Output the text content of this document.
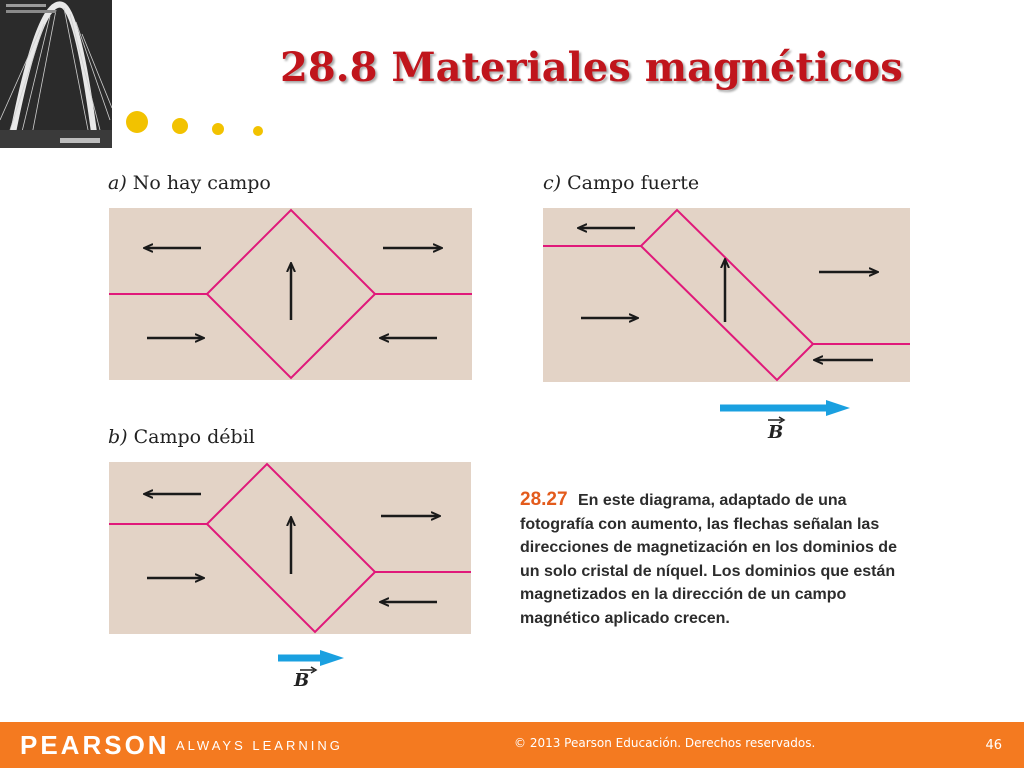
28.8 Materiales magnéticos
a) No hay campo	c) Campo fuerte
B
b) Campo débil
B
28.27 En este diagrama, adaptado de una fotografía con aumento, las flechas señalan las direcciones de magnetización en los dominios de un solo cristal de níquel. Los dominios que están magnetizados en la dirección de un campo magnético aplicado crecen.
PEARSON ALWAYS LEARNING	© 2013 Pearson Educación. Derechos reservados.	46
